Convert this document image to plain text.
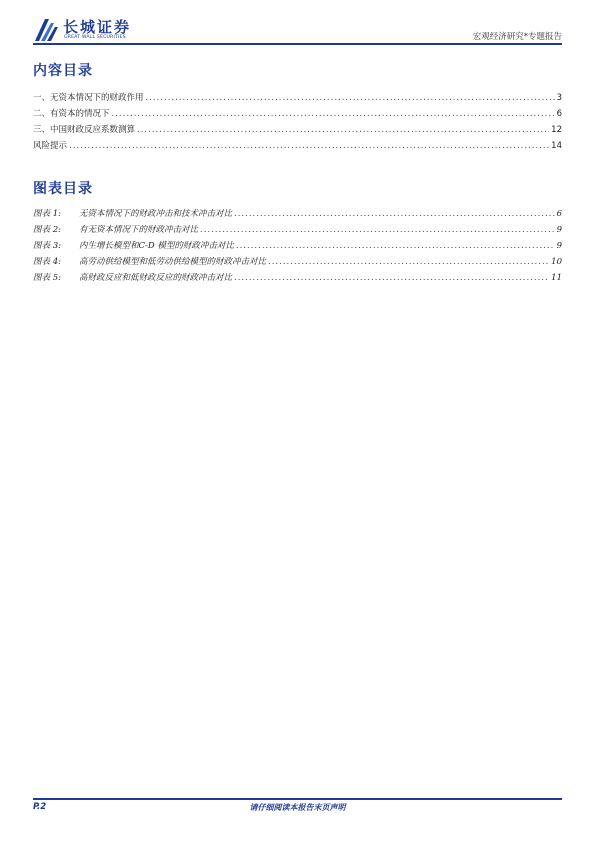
长城证券
GREAT WALL SECURITIES	宏观经济研究*专题报告
内容目录
一、无资本情况下的财政作用 .....	3
二、有资本的情况下 .....	6
三、中国财政反应系数测算 .....	12
风险提示 .....	14
图表目录
图表 1: 无资本情况下的财政冲击和技术冲击对比 .....	6
图表 2: 有无资本情况下的财政冲击对比 .....	9
图表 3: 内生增长模型和C-D 模型的财政冲击对比 .....	9
图表 4: 高劳动供给模型和低劳动供给模型的财政冲击对比 .....	10
图表 5: 高财政反应和低财政反应的财政冲击对比 .....	11
P.2	请仔细阅读本报告末页声明
